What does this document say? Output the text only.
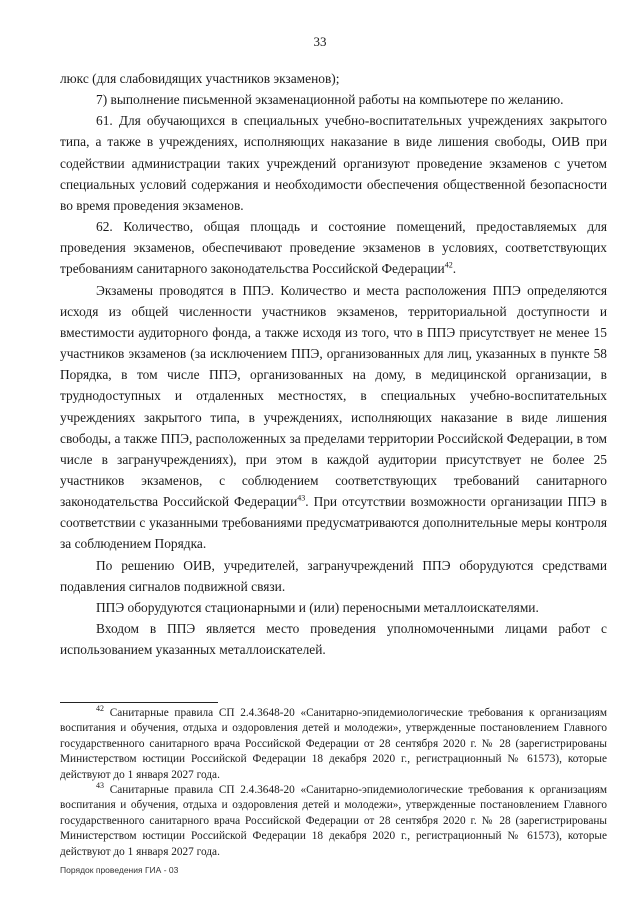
33

люкс (для слабовидящих участников экзаменов);

7) выполнение письменной экзаменационной работы на компьютере по желанию.

61. Для обучающихся в специальных учебно-воспитательных учреждениях закрытого типа, а также в учреждениях, исполняющих наказание в виде лишения свободы, ОИВ при содействии администрации таких учреждений организуют проведение экзаменов с учетом специальных условий содержания и необходимости обеспечения общественной безопасности во время проведения экзаменов.

62. Количество, общая площадь и состояние помещений, предоставляемых для проведения экзаменов, обеспечивают проведение экзаменов в условиях, соответствующих требованиям санитарного законодательства Российской Федерации$^{42}$.

Экзамены проводятся в ППЭ. Количество и места расположения ППЭ определяются исходя из общей численности участников экзаменов, территориальной доступности и вместимости аудиторного фонда, а также исходя из того, что в ППЭ присутствует не менее 15 участников экзаменов (за исключением ППЭ, организованных для лиц, указанных в пункте 58 Порядка, в том числе ППЭ, организованных на дому, в медицинской организации, в труднодоступных и отдаленных местностях, в специальных учебно-воспитательных учреждениях закрытого типа, в учреждениях, исполняющих наказание в виде лишения свободы, а также ППЭ, расположенных за пределами территории Российской Федерации, в том числе в загранучреждениях), при этом в каждой аудитории присутствует не более 25 участников экзаменов, с соблюдением соответствующих требований санитарного законодательства Российской Федерации$^{43}$. При отсутствии возможности организации ППЭ в соответствии с указанными требованиями предусматриваются дополнительные меры контроля за соблюдением Порядка.

По решению ОИВ, учредителей, загранучреждений ППЭ оборудуются средствами подавления сигналов подвижной связи.

ППЭ оборудуются стационарными и (или) переносными металлоискателями.

Входом в ППЭ является место проведения уполномоченными лицами работ с использованием указанных металлоискателей.

$^{42}$ Санитарные правила СП 2.4.3648-20 «Санитарно-эпидемиологические требования к организациям воспитания и обучения, отдыха и оздоровления детей и молодежи», утвержденные постановлением Главного государственного санитарного врача Российской Федерации от 28 сентября 2020 г. № 28 (зарегистрированы Министерством юстиции Российской Федерации 18 декабря 2020 г., регистрационный № 61573), которые действуют до 1 января 2027 года.

$^{43}$ Санитарные правила СП 2.4.3648-20 «Санитарно-эпидемиологические требования к организациям воспитания и обучения, отдыха и оздоровления детей и молодежи», утвержденные постановлением Главного государственного санитарного врача Российской Федерации от 28 сентября 2020 г. № 28 (зарегистрированы Министерством юстиции Российской Федерации 18 декабря 2020 г., регистрационный № 61573), которые действуют до 1 января 2027 года.

Порядок проведения ГИА - 03
